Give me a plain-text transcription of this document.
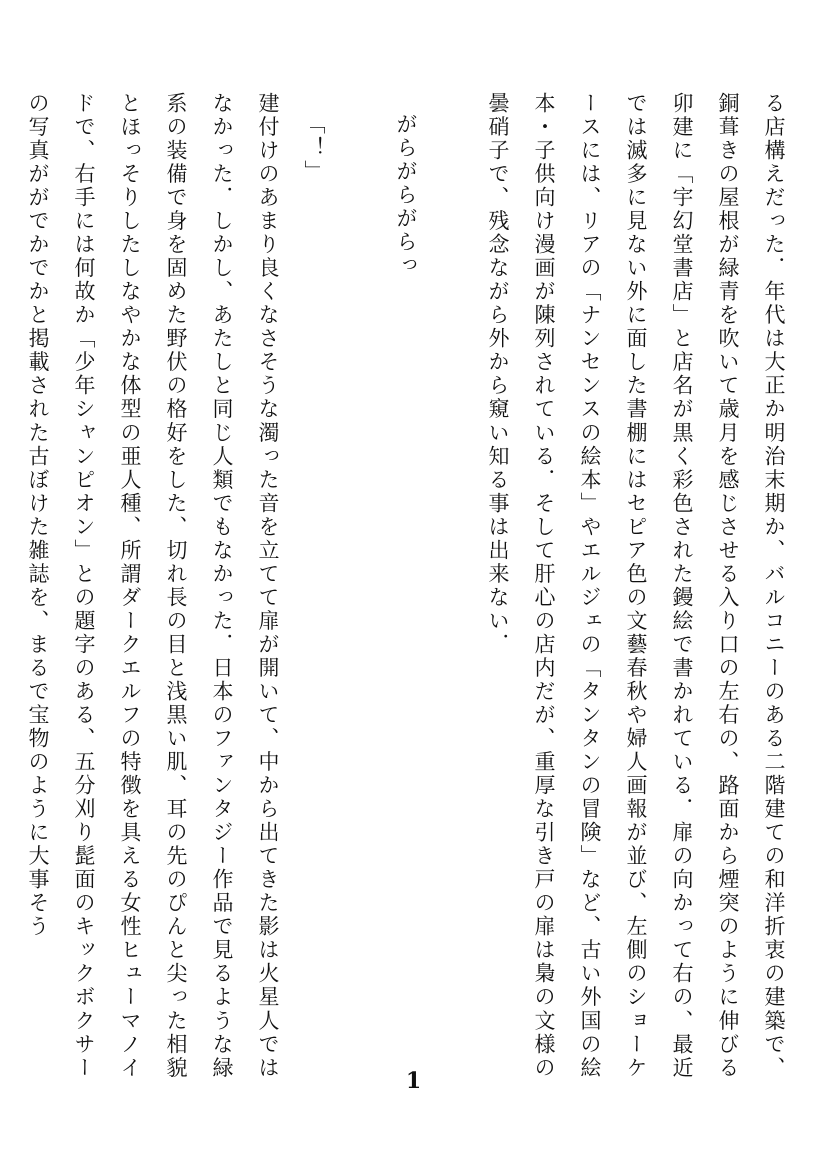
る店構えだった．年代は大正か明治末期か、バルコニーのある二階建ての和洋折衷の建築で、銅葺きの屋根が緑青を吹いて歳月を感じさせる入り口の左右の、路面から煙突のように伸びる卯建に「宇幻堂書店」と店名が黒く彩色された鏝絵で書かれている．扉の向かって右の、最近では滅多に見ない外に面した書棚にはセピア色の文藝春秋や婦人画報が並び、左側のショーケースには、リアの「ナンセンスの絵本」やエルジェの「タンタンの冒険」など、古い外国の絵本・子供向け漫画が陳列されている．そして肝心の店内だが、重厚な引き戸の扉は梟の文様の曇硝子で、残念ながら外から窺い知る事は出来ない．

がらがらがらっ

「！」

建付けのあまり良くなさそうな濁った音を立てて扉が開いて、中から出てきた影は火星人ではなかった．しかし、あたしと同じ人類でもなかった．日本のファンタジー作品で見るような緑系の装備で身を固めた野伏の格好をした、切れ長の目と浅黒い肌、耳の先のぴんと尖った相貌とほっそりしたしなやかな体型の亜人種、所謂ダークエルフの特徴を具える女性ヒューマノイドで、右手には何故か「少年シャンピオン」との題字のある、五分刈り髭面のキックボクサーの写真ががでかでかと掲載された古ぼけた雑誌を、まるで宝物のように大事そう

1
